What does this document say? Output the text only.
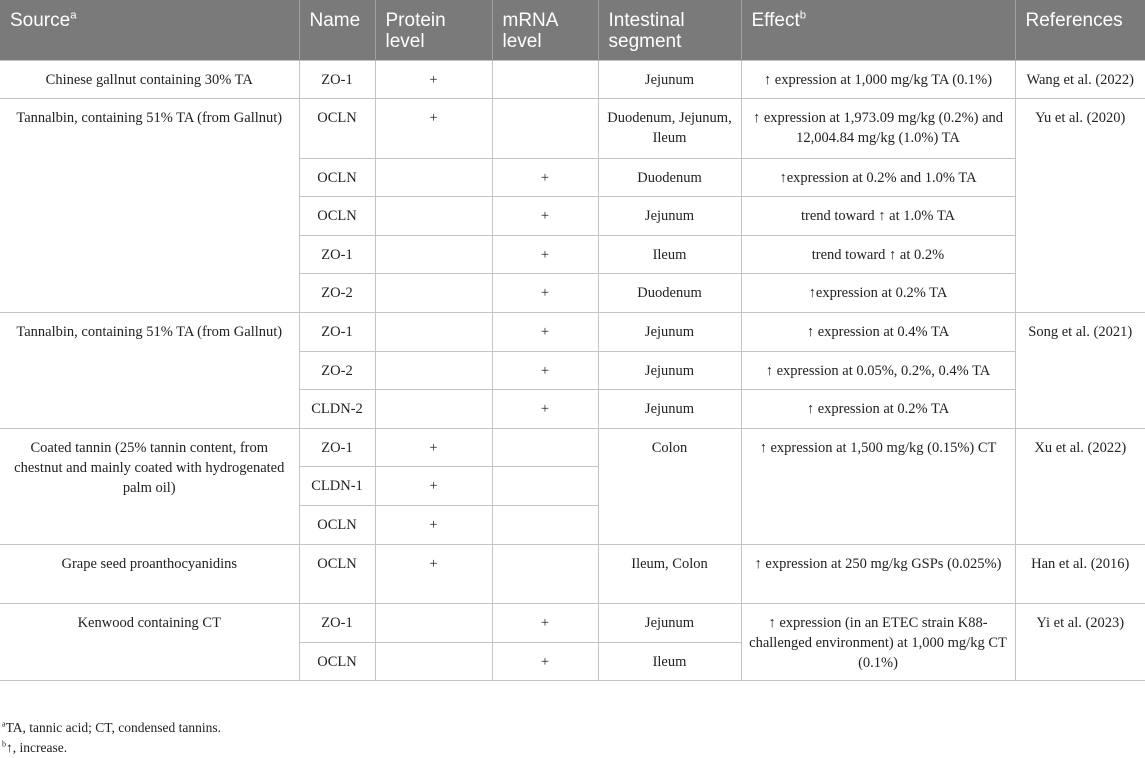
Source$^a$	Name	Protein level	mRNA level	Intestinal segment	Effect$^b$	References
Chinese gallnut containing 30% TA	ZO-1	+		Jejunum	↑ expression at 1,000 mg/kg TA (0.1%)	Wang et al. (2022)
Tannalbin, containing 51% TA (from Gallnut)	OCLN	+		Duodenum, Jejunum, Ileum	↑ expression at 1,973.09 mg/kg (0.2%) and 12,004.84 mg/kg (1.0%) TA	Yu et al. (2020)
	OCLN		+	Duodenum	↑expression at 0.2% and 1.0% TA	
	OCLN		+	Jejunum	trend toward ↑ at 1.0% TA	
	ZO-1		+	Ileum	trend toward ↑ at 0.2%	
	ZO-2		+	Duodenum	↑expression at 0.2% TA	
Tannalbin, containing 51% TA (from Gallnut)	ZO-1		+	Jejunum	↑ expression at 0.4% TA	Song et al. (2021)
	ZO-2		+	Jejunum	↑ expression at 0.05%, 0.2%, 0.4% TA	
	CLDN-2		+	Jejunum	↑ expression at 0.2% TA	
Coated tannin (25% tannin content, from chestnut and mainly coated with hydrogenated palm oil)	ZO-1	+		Colon	↑ expression at 1,500 mg/kg (0.15%) CT	Xu et al. (2022)
	CLDN-1	+				
	OCLN	+				
Grape seed proanthocyanidins	OCLN	+		Ileum, Colon	↑ expression at 250 mg/kg GSPs (0.025%)	Han et al. (2016)
Kenwood containing CT	ZO-1		+	Jejunum	↑ expression (in an ETEC strain K88-challenged environment) at 1,000 mg/kg CT (0.1%)	Yi et al. (2023)
	OCLN		+	Ileum		
$^a$TA, tannic acid; CT, condensed tannins.
$^b$↑, increase.
